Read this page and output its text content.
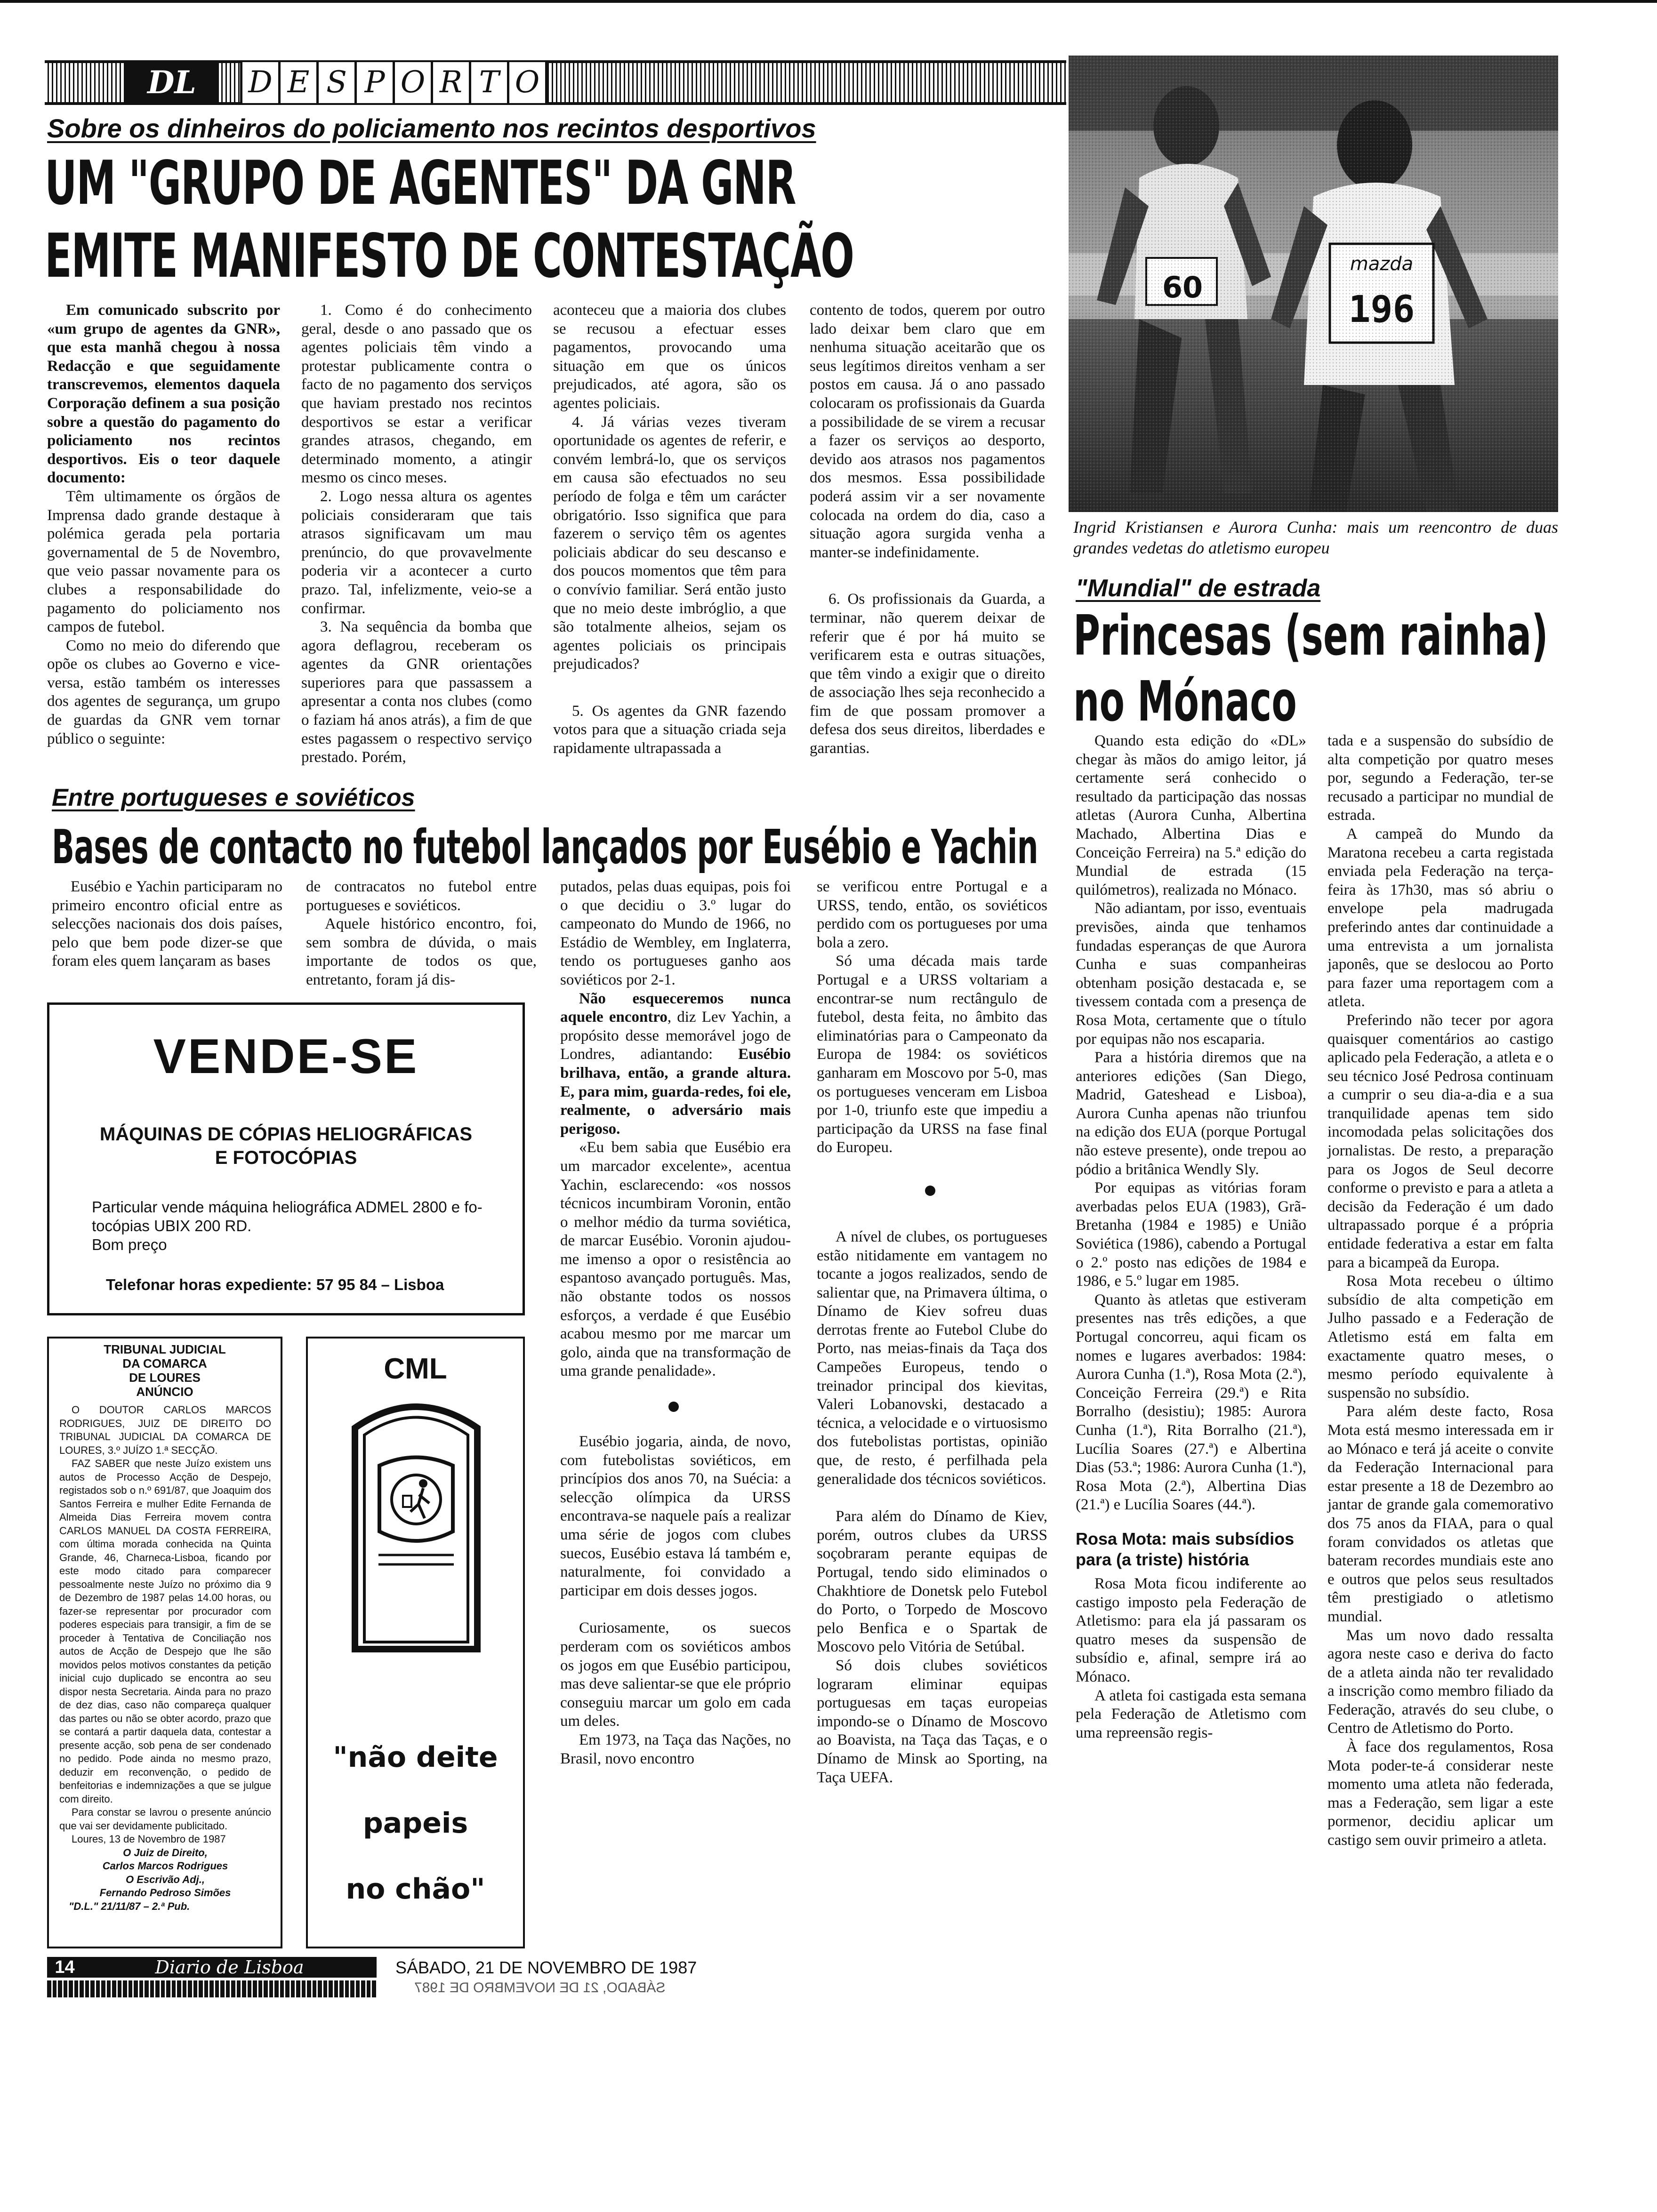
DL	D E S P O R T O
Sobre os dinheiros do policiamento nos recintos desportivos
UM "GRUPO DE AGENTES" DA GNR
EMITE MANIFESTO DE CONTESTAÇÃO

Em comunicado subscrito por «um grupo de agentes da GNR», que esta manhã chegou à nossa Redacção e que seguidamente transcrevemos, elementos daquela Corporação definem a sua posição sobre a questão do pagamento do policiamento nos recintos desportivos. Eis o teor daquele documento:

Têm ultimamente os órgãos de Imprensa dado grande destaque à polémica gerada pela portaria governamental de 5 de Novembro, que veio passar novamente para os clubes a responsabilidade do pagamento do policiamento nos campos de futebol.

Como no meio do diferendo que opõe os clubes ao Governo e vice-versa, estão também os interesses dos agentes de segurança, um grupo de guardas da GNR vem tornar público o seguinte:

1. Como é do conhecimento geral, desde o ano passado que os agentes policiais têm vindo a protestar publicamente contra o facto de no pagamento dos serviços que haviam prestado nos recintos desportivos se estar a verificar grandes atrasos, chegando, em determinado momento, a atingir mesmo os cinco meses.

2. Logo nessa altura os agentes policiais consideraram que tais atrasos significavam um mau prenúncio, do que provavelmente poderia vir a acontecer a curto prazo. Tal, infelizmente, veio-se a confirmar.

3. Na sequência da bomba que agora deflagrou, receberam os agentes da GNR orientações superiores para que passassem a apresentar a conta nos clubes (como o faziam há anos atrás), a fim de que estes pagassem o respectivo serviço prestado. Porém,

aconteceu que a maioria dos clubes se recusou a efectuar esses pagamentos, provocando uma situação em que os únicos prejudicados, até agora, são os agentes policiais.

4. Já várias vezes tiveram oportunidade os agentes de referir, e convém lembrá-lo, que os serviços em causa são efectuados no seu período de folga e têm um carácter obrigatório. Isso significa que para fazerem o serviço têm os agentes policiais abdicar do seu descanso e dos poucos momentos que têm para o convívio familiar. Será então justo que no meio deste imbróglio, a que são totalmente alheios, sejam os agentes policiais os principais prejudicados?

5. Os agentes da GNR fazendo votos para que a situação criada seja rapidamente ultrapassada a

contento de todos, querem por outro lado deixar bem claro que em nenhuma situação aceitarão que os seus legítimos direitos venham a ser postos em causa. Já o ano passado colocaram os profissionais da Guarda a possibilidade de se virem a recusar a fazer os serviços ao desporto, devido aos atrasos nos pagamentos dos mesmos. Essa possibilidade poderá assim vir a ser novamente colocada na ordem do dia, caso a situação agora surgida venha a manter-se indefinidamente.

6. Os profissionais da Guarda, a terminar, não querem deixar de referir que é por há muito se verificarem esta e outras situações, que têm vindo a exigir que o direito de associação lhes seja reconhecido a fim de que possam promover a defesa dos seus direitos, liberdades e garantias.

60
mazda
196
Ingrid Kristiansen e Aurora Cunha: mais um reencontro de duas grandes vedetas do atletismo europeu
"Mundial" de estrada
Princesas (sem rainha)
no Mónaco

Quando esta edição do «DL» chegar às mãos do amigo leitor, já certamente será conhecido o resultado da participação das nossas atletas (Aurora Cunha, Albertina Machado, Albertina Dias e Conceição Ferreira) na 5.ª edição do Mundial de estrada (15 quilómetros), realizada no Mónaco.

Não adiantam, por isso, eventuais previsões, ainda que tenhamos fundadas esperanças de que Aurora Cunha e suas companheiras obtenham posição destacada e, se tivessem contada com a presença de Rosa Mota, certamente que o título por equipas não nos escaparia.

Para a história diremos que na anteriores edições (San Diego, Madrid, Gateshead e Lisboa), Aurora Cunha apenas não triunfou na edição dos EUA (porque Portugal não esteve presente), onde trepou ao pódio a britânica Wendly Sly.

Por equipas as vitórias foram averbadas pelos EUA (1983), Grã-Bretanha (1984 e 1985) e União Soviética (1986), cabendo a Portugal o 2.º posto nas edições de 1984 e 1986, e 5.º lugar em 1985.

Quanto às atletas que estiveram presentes nas três edições, a que Portugal concorreu, aqui ficam os nomes e lugares averbados: 1984: Aurora Cunha (1.ª), Rosa Mota (2.ª), Conceição Ferreira (29.ª) e Rita Borralho (desistiu); 1985: Aurora Cunha (1.ª), Rita Borralho (21.ª), Lucília Soares (27.ª) e Albertina Dias (53.ª; 1986: Aurora Cunha (1.ª), Rosa Mota (2.ª), Albertina Dias (21.ª) e Lucília Soares (44.ª).

Rosa Mota: mais subsídios para (a triste) história

Rosa Mota ficou indiferente ao castigo imposto pela Federação de Atletismo: para ela já passaram os quatro meses da suspensão de subsídio e, afinal, sempre irá ao Mónaco.

A atleta foi castigada esta semana pela Federação de Atletismo com uma repreensão regis-

tada e a suspensão do subsídio de alta competição por quatro meses por, segundo a Federação, ter-se recusado a participar no mundial de estrada.

A campeã do Mundo da Maratona recebeu a carta registada enviada pela Federação na terça-feira às 17h30, mas só abriu o envelope pela madrugada preferindo antes dar continuidade a uma entrevista a um jornalista japonês, que se deslocou ao Porto para fazer uma reportagem com a atleta.

Preferindo não tecer por agora quaisquer comentários ao castigo aplicado pela Federação, a atleta e o seu técnico José Pedrosa continuam a cumprir o seu dia-a-dia e a sua tranquilidade apenas tem sido incomodada pelas solicitações dos jornalistas. De resto, a preparação para os Jogos de Seul decorre conforme o previsto e para a atleta a decisão da Federação é um dado ultrapassado porque é a própria entidade federativa a estar em falta para a bicampeã da Europa.

Rosa Mota recebeu o último subsídio de alta competição em Julho passado e a Federação de Atletismo está em falta em exactamente quatro meses, o mesmo período equivalente à suspensão no subsídio.

Para além deste facto, Rosa Mota está mesmo interessada em ir ao Mónaco e terá já aceite o convite da Federação Internacional para estar presente a 18 de Dezembro ao jantar de grande gala comemorativo dos 75 anos da FIAA, para o qual foram convidados os atletas que bateram recordes mundiais este ano e outros que pelos seus resultados têm prestigiado o atletismo mundial.

Mas um novo dado ressalta agora neste caso e deriva do facto de a atleta ainda não ter revalidado a inscrição como membro filiado da Federação, através do seu clube, o Centro de Atletismo do Porto.

À face dos regulamentos, Rosa Mota poder-te-á considerar neste momento uma atleta não federada, mas a Federação, sem ligar a este pormenor, decidiu aplicar um castigo sem ouvir primeiro a atleta.

Entre portugueses e soviéticos
Bases de contacto no futebol lançados por Eusébio e Yachin

Eusébio e Yachin participaram no primeiro encontro oficial entre as selecções nacionais dos dois países, pelo que bem pode dizer-se que foram eles quem lançaram as bases

de contracatos no futebol entre portugueses e soviéticos.

Aquele histórico encontro, foi, sem sombra de dúvida, o mais importante de todos os que, entretanto, foram já dis-

putados, pelas duas equipas, pois foi o que decidiu o 3.º lugar do campeonato do Mundo de 1966, no Estádio de Wembley, em Inglaterra, tendo os portugueses ganho aos soviéticos por 2-1.

Não esqueceremos nunca aquele encontro, diz Lev Yachin, a propósito desse memorável jogo de Londres, adiantando: Eusébio brilhava, então, a grande altura. E, para mim, guarda-redes, foi ele, realmente, o adversário mais perigoso.

«Eu bem sabia que Eusébio era um marcador excelente», acentua Yachin, esclarecendo: «os nossos técnicos incumbiram Voronin, então o melhor médio da turma soviética, de marcar Eusébio. Voronin ajudou-me imenso a opor o resistência ao espantoso avançado português. Mas, não obstante todos os nossos esforços, a verdade é que Eusébio acabou mesmo por me marcar um golo, ainda que na transformação de uma grande penalidade».

Eusébio jogaria, ainda, de novo, com futebolistas soviéticos, em princípios dos anos 70, na Suécia: a selecção olímpica da URSS encontrava-se naquele país a realizar uma série de jogos com clubes suecos, Eusébio estava lá também e, naturalmente, foi convidado a participar em dois desses jogos.

Curiosamente, os suecos perderam com os soviéticos ambos os jogos em que Eusébio participou, mas deve salientar-se que ele próprio conseguiu marcar um golo em cada um deles.

Em 1973, na Taça das Nações, no Brasil, novo encontro

se verificou entre Portugal e a URSS, tendo, então, os soviéticos perdido com os portugueses por uma bola a zero.

Só uma década mais tarde Portugal e a URSS voltariam a encontrar-se num rectângulo de futebol, desta feita, no âmbito das eliminatórias para o Campeonato da Europa de 1984: os soviéticos ganharam em Moscovo por 5-0, mas os portugueses venceram em Lisboa por 1-0, triunfo este que impediu a participação da URSS na fase final do Europeu.

A nível de clubes, os portugueses estão nitidamente em vantagem no tocante a jogos realizados, sendo de salientar que, na Primavera última, o Dínamo de Kiev sofreu duas derrotas frente ao Futebol Clube do Porto, nas meias-finais da Taça dos Campeões Europeus, tendo o treinador principal dos kievitas, Valeri Lobanovski, destacado a técnica, a velocidade e o virtuosismo dos futebolistas portistas, opinião que, de resto, é perfilhada pela generalidade dos técnicos soviéticos.

Para além do Dínamo de Kiev, porém, outros clubes da URSS soçobraram perante equipas de Portugal, tendo sido eliminados o Chakhtiore de Donetsk pelo Futebol do Porto, o Torpedo de Moscovo pelo Benfica e o Spartak de Moscovo pelo Vitória de Setúbal.

Só dois clubes soviéticos lograram eliminar equipas portuguesas em taças europeias impondo-se o Dínamo de Moscovo ao Boavista, na Taça das Taças, e o Dínamo de Minsk ao Sporting, na Taça UEFA.

VENDE-SE
MÁQUINAS DE CÓPIAS HELIOGRÁFICAS
E FOTOCÓPIAS
Particular vende máquina heliográfica ADMEL 2800 e fo-
tocópias UBIX 200 RD.
Bom preço
Telefonar horas expediente: 57 95 84 – Lisboa
TRIBUNAL JUDICIAL
DA COMARCA
DE LOURES
ANÚNCIO
O DOUTOR CARLOS MARCOS RODRIGUES, JUIZ DE DIREITO DO TRIBUNAL JUDICIAL DA COMARCA DE LOURES, 3.º JUÍZO 1.ª SECÇÃO.
FAZ SABER que neste Juízo existem uns autos de Processo Acção de Despejo, registados sob o n.º 691/87, que Joaquim dos Santos Ferreira e mulher Edite Fernanda de Almeida Dias Ferreira movem contra CARLOS MANUEL DA COSTA FERREIRA, com última morada conhecida na Quinta Grande, 46, Charneca-Lisboa, ficando por este modo citado para comparecer pessoalmente neste Juízo no próximo dia 9 de Dezembro de 1987 pelas 14.00 horas, ou fazer-se representar por procurador com poderes especiais para transigir, a fim de se proceder à Tentativa de Conciliação nos autos de Acção de Despejo que lhe são movidos pelos motivos constantes da petição inicial cujo duplicado se encontra ao seu dispor nesta Secretaria. Ainda para no prazo de dez dias, caso não compareça qualquer das partes ou não se obter acordo, prazo que se contará a partir daquela data, contestar a presente acção, sob pena de ser condenado no pedido. Pode ainda no mesmo prazo, deduzir em reconvenção, o pedido de benfeitorias e indemnizações a que se julgue com direito.
Para constar se lavrou o presente anúncio que vai ser devidamente publicitado.
Loures, 13 de Novembro de 1987
O Juiz de Direito,
Carlos Marcos Rodrigues
O Escrivão Adj.,
Fernando Pedroso Simões
"D.L." 21/11/87 – 2.ª Pub.
CML
"não deite
papeis
no chão"
14	Diario de Lisboa	SÁBADO, 21 DE NOVEMBRO DE 1987
SÁBADO, 21 DE NOVEMBRO DE 1987
